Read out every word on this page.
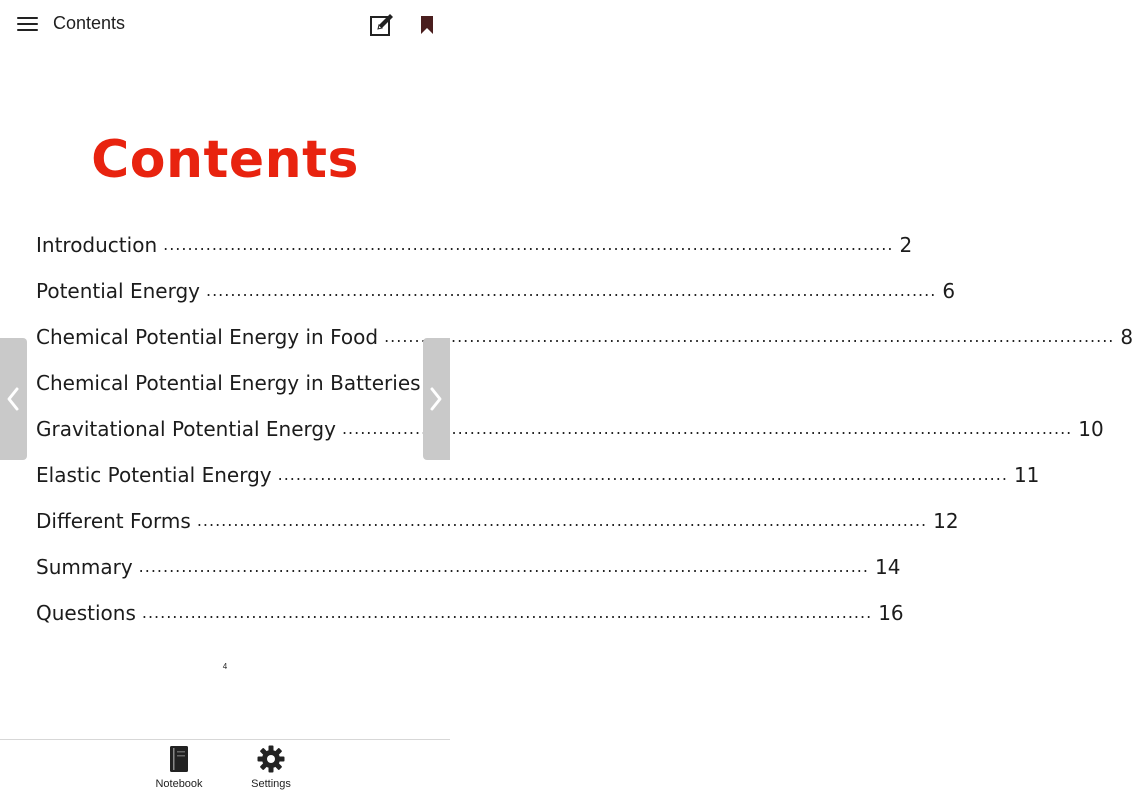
Contents
Contents
Introduction .....	2
Potential Energy .....	6
Chemical Potential Energy in Food .....	8
Chemical Potential Energy in Batteries
Gravitational Potential Energy .....	10
Elastic Potential Energy .....	11
Different Forms .....	12
Summary .....	14
Questions .....	16
4
Notebook	Settings
